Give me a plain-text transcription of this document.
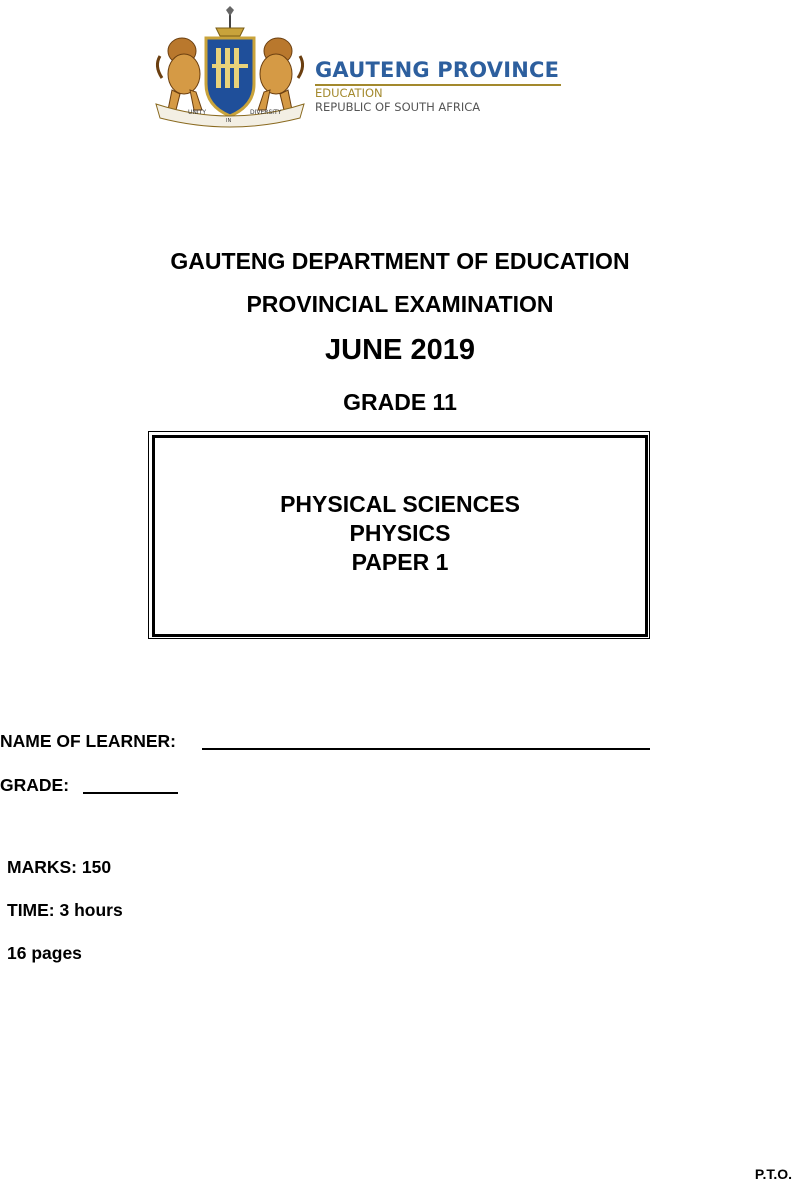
UNITY
IN
DIVERSITY
GAUTENG PROVINCE
EDUCATION
REPUBLIC OF SOUTH AFRICA
GAUTENG DEPARTMENT OF EDUCATION
PROVINCIAL EXAMINATION
JUNE 2019
GRADE 11
PHYSICAL SCIENCES
PHYSICS
PAPER 1
NAME OF LEARNER:
GRADE:
MARKS: 150
TIME: 3 hours
16 pages
P.T.O.
